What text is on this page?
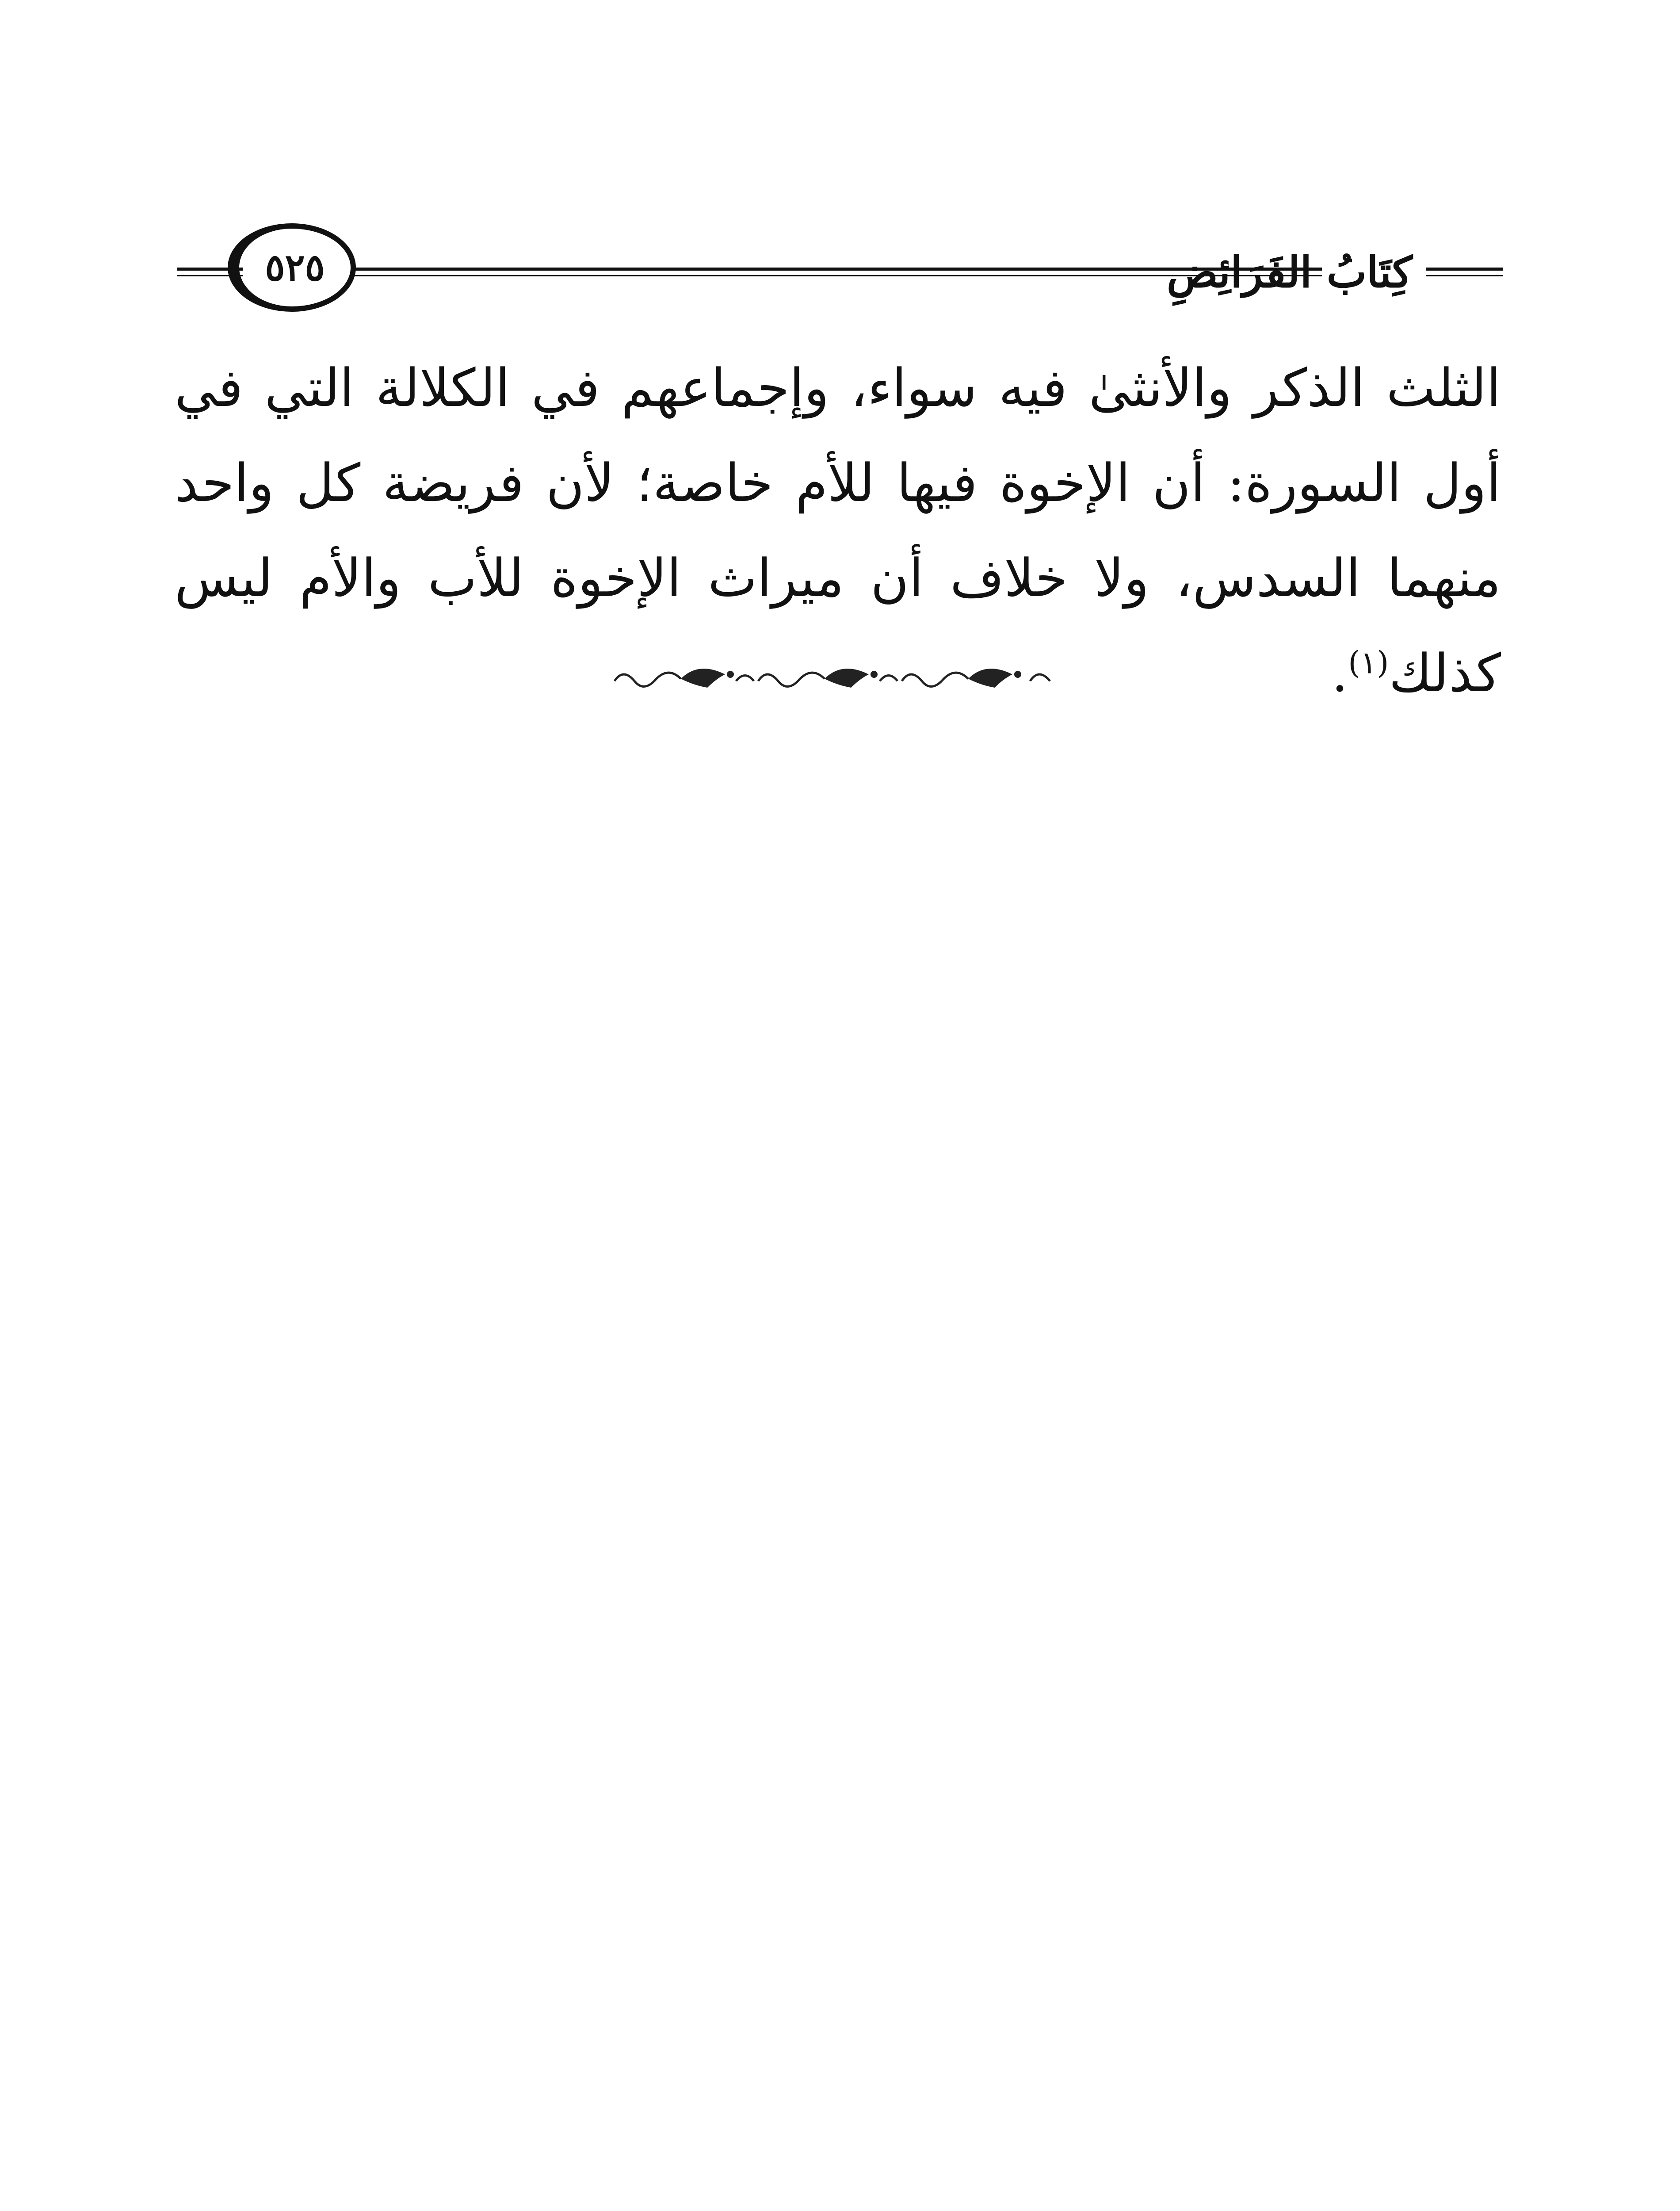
كِتَابُ الفَرَائِضِ
٥٢٥

الثلث الذكر والأنثىٰ فيه سواء، وإجماعهم في الكلالة التي في أول السورة: أن الإخوة فيها للأم خاصة؛ لأن فريضة كل واحد منهما السدس، ولا خلاف أن ميراث الإخوة للأب والأم ليس كذلك$^{(١)}$.
